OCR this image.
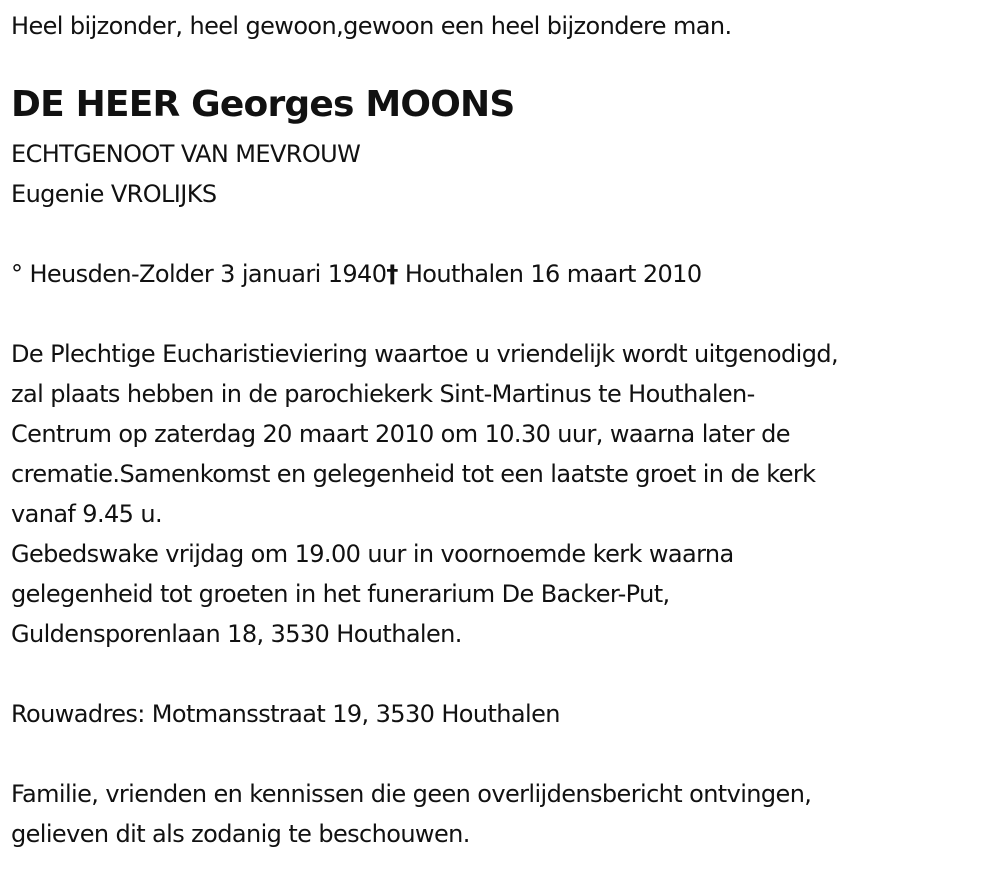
Heel bijzonder, heel gewoon,gewoon een heel bijzondere man.
DE HEER Georges MOONS
ECHTGENOOT VAN MEVROUW
Eugenie VROLIJKS
° Heusden-Zolder 3 januari 1940† Houthalen 16 maart 2010
De Plechtige Eucharistieviering waartoe u vriendelijk wordt uitgenodigd,
zal plaats hebben in de parochiekerk Sint-Martinus te Houthalen-
Centrum op zaterdag 20 maart 2010 om 10.30 uur, waarna later de
crematie.Samenkomst en gelegenheid tot een laatste groet in de kerk
vanaf 9.45 u.
Gebedswake vrijdag om 19.00 uur in voornoemde kerk waarna
gelegenheid tot groeten in het funerarium De Backer-Put,
Guldensporenlaan 18, 3530 Houthalen.
Rouwadres: Motmansstraat 19, 3530 Houthalen
Familie, vrienden en kennissen die geen overlijdensbericht ontvingen,
gelieven dit als zodanig te beschouwen.
